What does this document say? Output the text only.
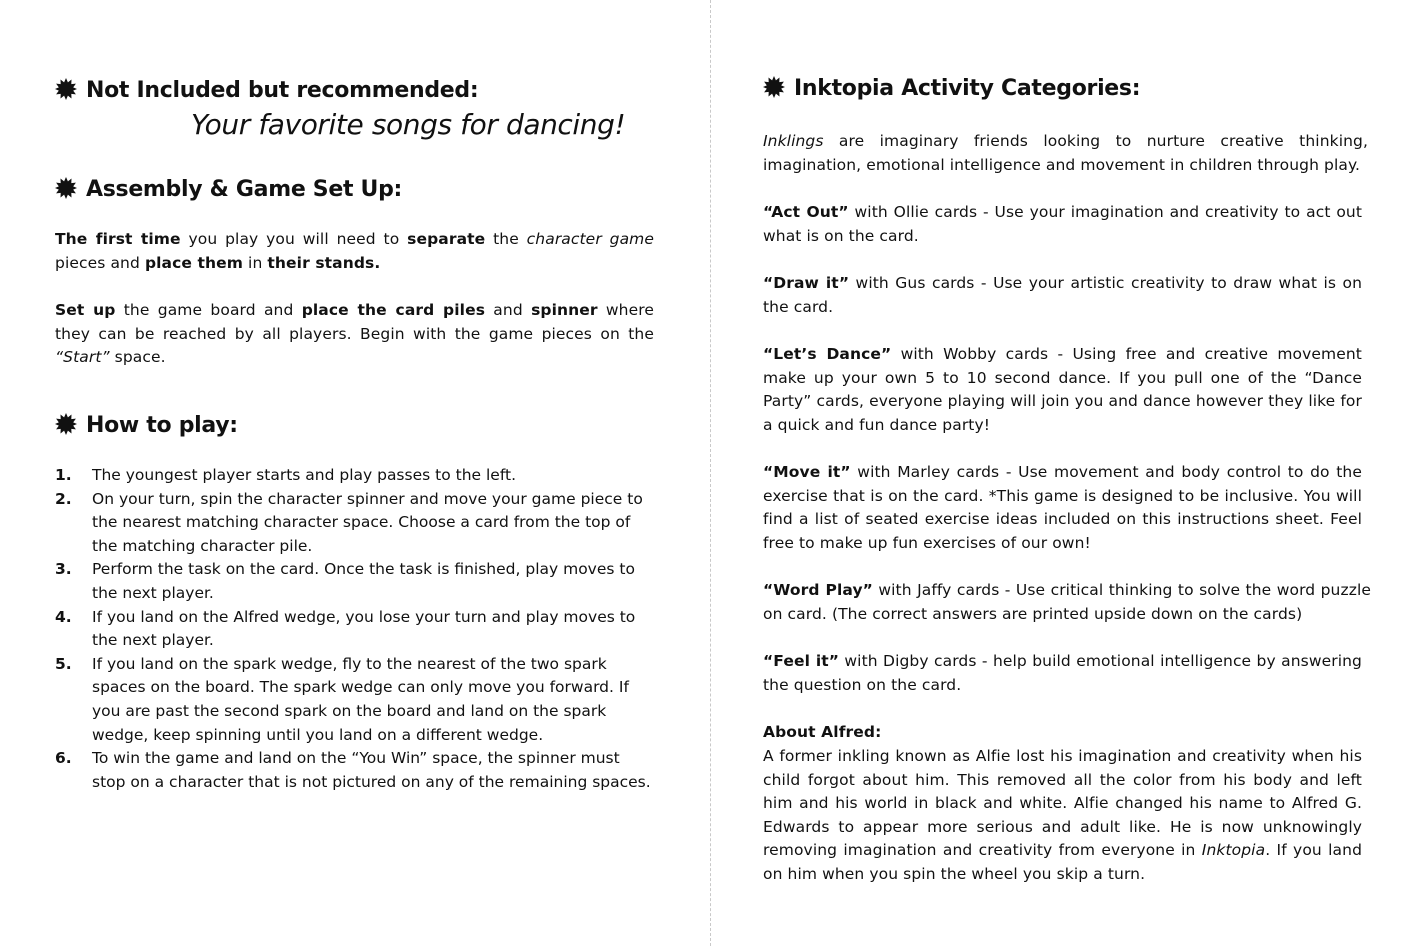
Not Included but recommended:
Your favorite songs for dancing!
Assembly & Game Set Up:

The first time you play you will need to separate the character game pieces and place them in their stands.

Set up the game board and place the card piles and spinner where they can be reached by all players. Begin with the game pieces on the “Start” space.

How to play:
1. The youngest player starts and play passes to the left.
2. On your turn, spin the character spinner and move your game piece to the nearest matching character space. Choose a card from the top of the matching character pile.
3. Perform the task on the card. Once the task is finished, play moves to the next player.
4. If you land on the Alfred wedge, you lose your turn and play moves to the next player.
5. If you land on the spark wedge, fly to the nearest of the two spark spaces on the board. The spark wedge can only move you forward. If you are past the second spark on the board and land on the spark wedge, keep spinning until you land on a different wedge.
6. To win the game and land on the “You Win” space, the spinner must stop on a character that is not pictured on any of the remaining spaces.
Inktopia Activity Categories:

Inklings are imaginary friends looking to nurture creative thinking, imagination, emotional intelligence and movement in children through play.

“Act Out” with Ollie cards - Use your imagination and creativity to act out what is on the card.

“Draw it” with Gus cards - Use your artistic creativity to draw what is on the card.

“Let’s Dance” with Wobby cards - Using free and creative movement make up your own 5 to 10 second dance. If you pull one of the “Dance Party” cards, everyone playing will join you and dance however they like for a quick and fun dance party!

“Move it” with Marley cards - Use movement and body control to do the exercise that is on the card. *This game is designed to be inclusive. You will find a list of seated exercise ideas included on this instructions sheet. Feel free to make up fun exercises of our own!

“Word Play” with Jaffy cards - Use critical thinking to solve the word puzzle on card. (The correct answers are printed upside down on the cards)

“Feel it” with Digby cards - help build emotional intelligence by answering the question on the card.

About Alfred:

A former inkling known as Alfie lost his imagination and creativity when his child forgot about him. This removed all the color from his body and left him and his world in black and white. Alfie changed his name to Alfred G. Edwards to appear more serious and adult like. He is now unknowingly removing imagination and creativity from everyone in Inktopia. If you land on him when you spin the wheel you skip a turn.
